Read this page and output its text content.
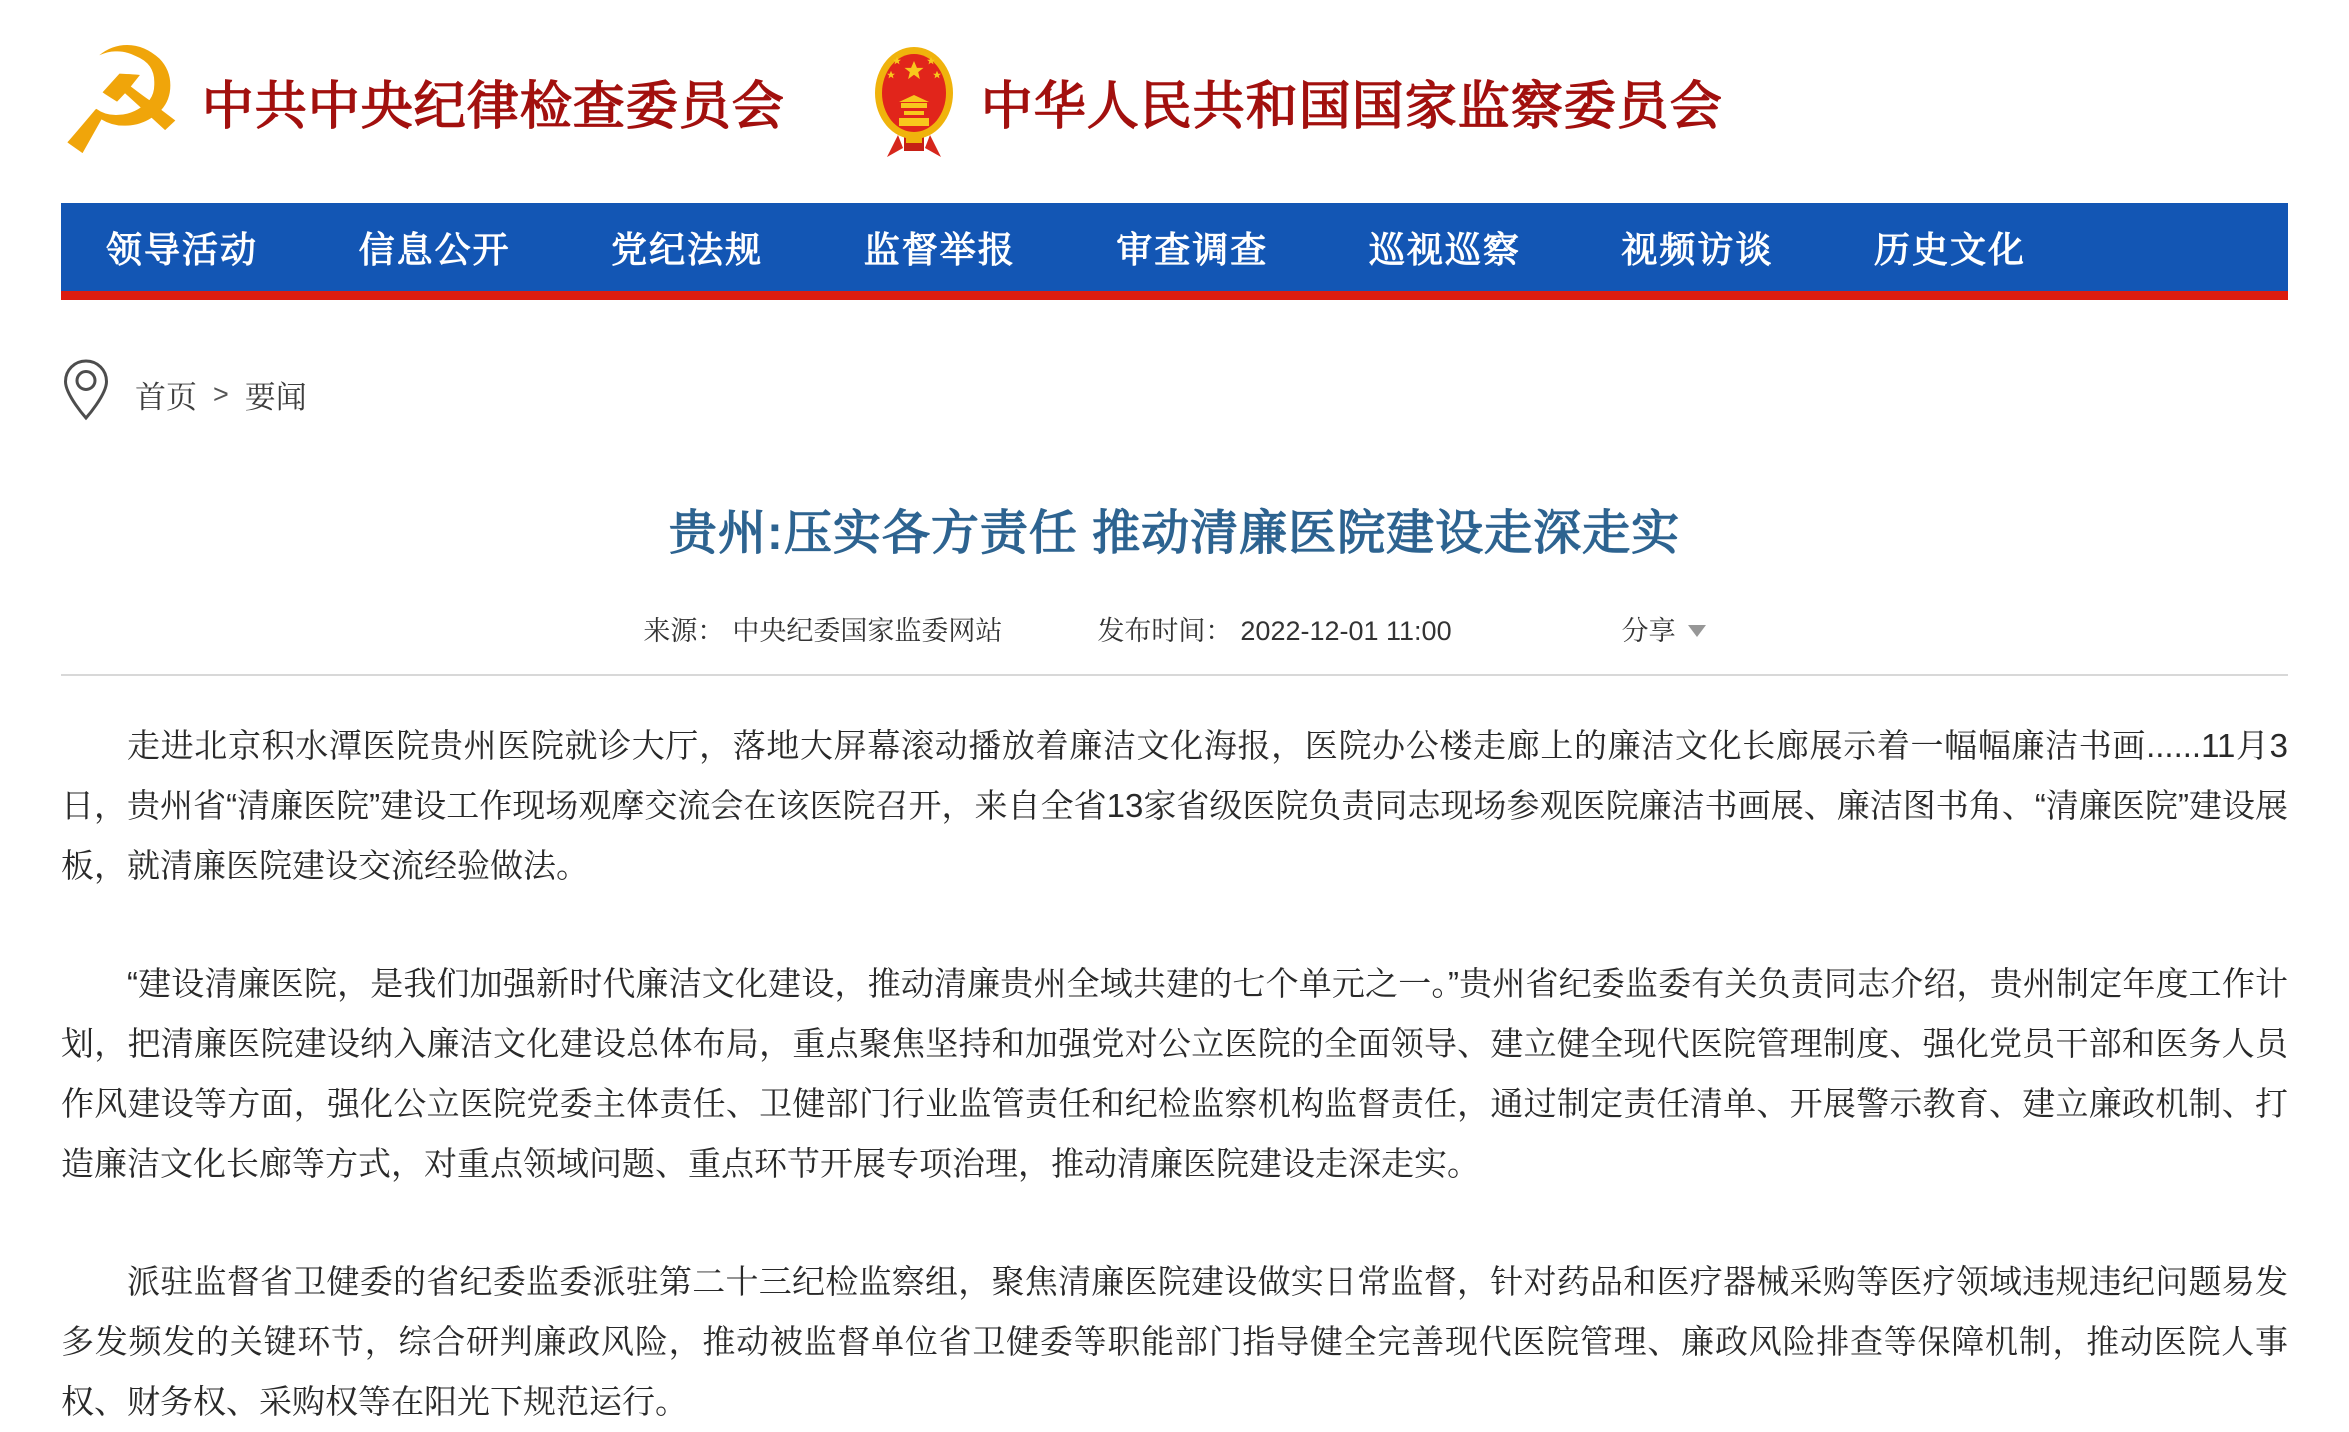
☭ 中共中央纪律检查委员会	中华人民共和国国家监察委员会
领导活动	信息公开	党纪法规	监督举报	审查调查	巡视巡察	视频访谈	历史文化
首页 > 要闻
贵州:压实各方责任 推动清廉医院建设走深走实
来源： 中央纪委国家监委网站	发布时间： 2022-12-01 11:00	分享

走进北京积水潭医院贵州医院就诊大厅，落地大屏幕滚动播放着廉洁文化海报，医院办公楼走廊上的廉洁文化长廊展示着一幅幅廉洁书画......11月3日，贵州省“清廉医院”建设工作现场观摩交流会在该医院召开，来自全省13家省级医院负责同志现场参观医院廉洁书画展、廉洁图书角、“清廉医院”建设展板，就清廉医院建设交流经验做法。

“建设清廉医院，是我们加强新时代廉洁文化建设，推动清廉贵州全域共建的七个单元之一。”贵州省纪委监委有关负责同志介绍，贵州制定年度工作计划，把清廉医院建设纳入廉洁文化建设总体布局，重点聚焦坚持和加强党对公立医院的全面领导、建立健全现代医院管理制度、强化党员干部和医务人员作风建设等方面，强化公立医院党委主体责任、卫健部门行业监管责任和纪检监察机构监督责任，通过制定责任清单、开展警示教育、建立廉政机制、打造廉洁文化长廊等方式，对重点领域问题、重点环节开展专项治理，推动清廉医院建设走深走实。

派驻监督省卫健委的省纪委监委派驻第二十三纪检监察组，聚焦清廉医院建设做实日常监督，针对药品和医疗器械采购等医疗领域违规违纪问题易发多发频发的关键环节，综合研判廉政风险，推动被监督单位省卫健委等职能部门指导健全完善现代医院管理、廉政风险排查等保障机制，推动医院人事权、财务权、采购权等在阳光下规范运行。
